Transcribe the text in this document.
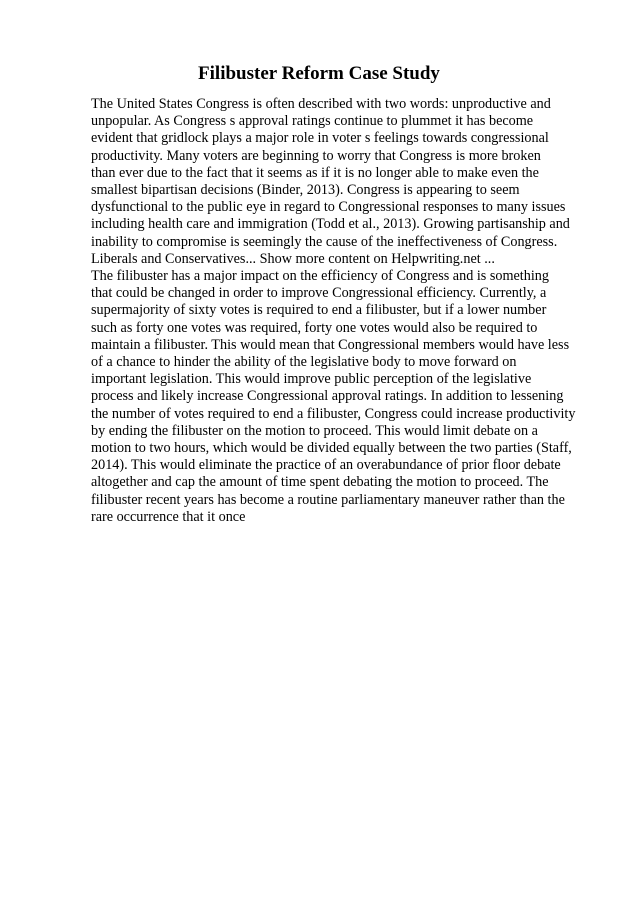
Filibuster Reform Case Study
The United States Congress is often described with two words: unproductive and
unpopular. As Congress s approval ratings continue to plummet it has become
evident that gridlock plays a major role in voter s feelings towards congressional
productivity. Many voters are beginning to worry that Congress is more broken
than ever due to the fact that it seems as if it is no longer able to make even the
smallest bipartisan decisions (Binder, 2013). Congress is appearing to seem
dysfunctional to the public eye in regard to Congressional responses to many issues
including health care and immigration (Todd et al., 2013). Growing partisanship and
inability to compromise is seemingly the cause of the ineffectiveness of Congress.
Liberals and Conservatives... Show more content on Helpwriting.net ...
The filibuster has a major impact on the efficiency of Congress and is something
that could be changed in order to improve Congressional efficiency. Currently, a
supermajority of sixty votes is required to end a filibuster, but if a lower number
such as forty one votes was required, forty one votes would also be required to
maintain a filibuster. This would mean that Congressional members would have less
of a chance to hinder the ability of the legislative body to move forward on
important legislation. This would improve public perception of the legislative
process and likely increase Congressional approval ratings. In addition to lessening
the number of votes required to end a filibuster, Congress could increase productivity
by ending the filibuster on the motion to proceed. This would limit debate on a
motion to two hours, which would be divided equally between the two parties (Staff,
2014). This would eliminate the practice of an overabundance of prior floor debate
altogether and cap the amount of time spent debating the motion to proceed. The
filibuster recent years has become a routine parliamentary maneuver rather than the
rare occurrence that it once
